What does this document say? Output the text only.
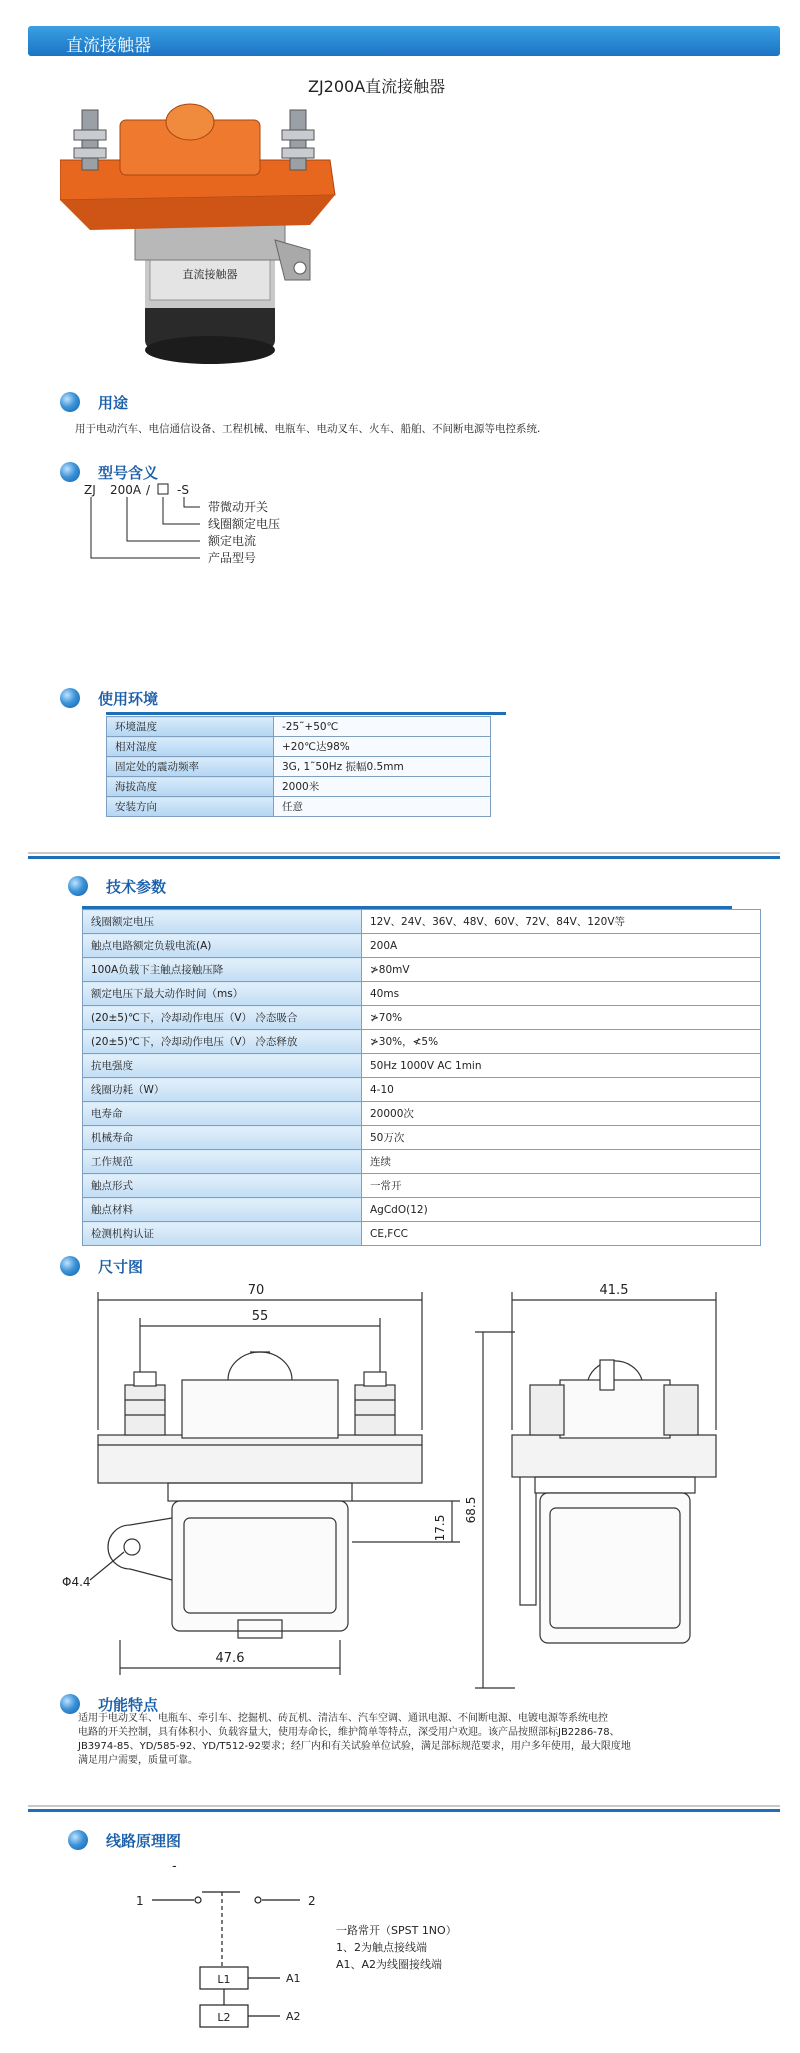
直流接触器
ZJ200A直流接触器
直流接触器
用途
用于电动汽车、电信通信设备、工程机械、电瓶车、电动叉车、火车、船舶、不间断电源等电控系统.
型号含义
ZJ 200A / -S
带微动开关
线圈额定电压
额定电流
产品型号
使用环境
环境温度	-25˜+50℃
相对湿度	+20℃达98%
固定处的震动频率	3G, 1˜50Hz 振幅0.5mm
海拔高度	2000米
安装方向	任意
技术参数
线圈额定电压	12V、24V、36V、48V、60V、72V、84V、120V等
触点电路额定负载电流(A)	200A
100A负载下主触点接触压降	≯80mV
额定电压下最大动作时间（ms）	40ms
(20±5)℃下，冷却动作电压（V） 冷态吸合	≯70%
(20±5)℃下，冷却动作电压（V） 冷态释放	≯30%，≮5%
抗电强度	50Hz 1000V AC 1min
线圈功耗（W）	4-10
电寿命	20000次
机械寿命	50万次
工作规范	连续
触点形式	一常开
触点材料	AgCdO(12)
检测机构认证	CE,FCC
尺寸图
70
55
41.5
17.5
68.5
Φ4.4
47.6
功能特点
适用于电动叉车、电瓶车、牵引车、挖掘机、砖瓦机、清洁车、汽车空调、通讯电源、不间断电源、电镀电源等系统电控
电路的开关控制，具有体积小、负载容量大，使用寿命长，维护简单等特点，深受用户欢迎。该产品按照部标JB2286-78、
JB3974-85、YD/585-92、YD/T512-92要求；经厂内和有关试验单位试验，满足部标规范要求，用户多年使用，最大限度地
满足用户需要，质量可靠。
线路原理图
-
1	2
L1
L2
A1
A2
一路常开（SPST 1NO）
1、2为触点接线端
A1、A2为线圈接线端
